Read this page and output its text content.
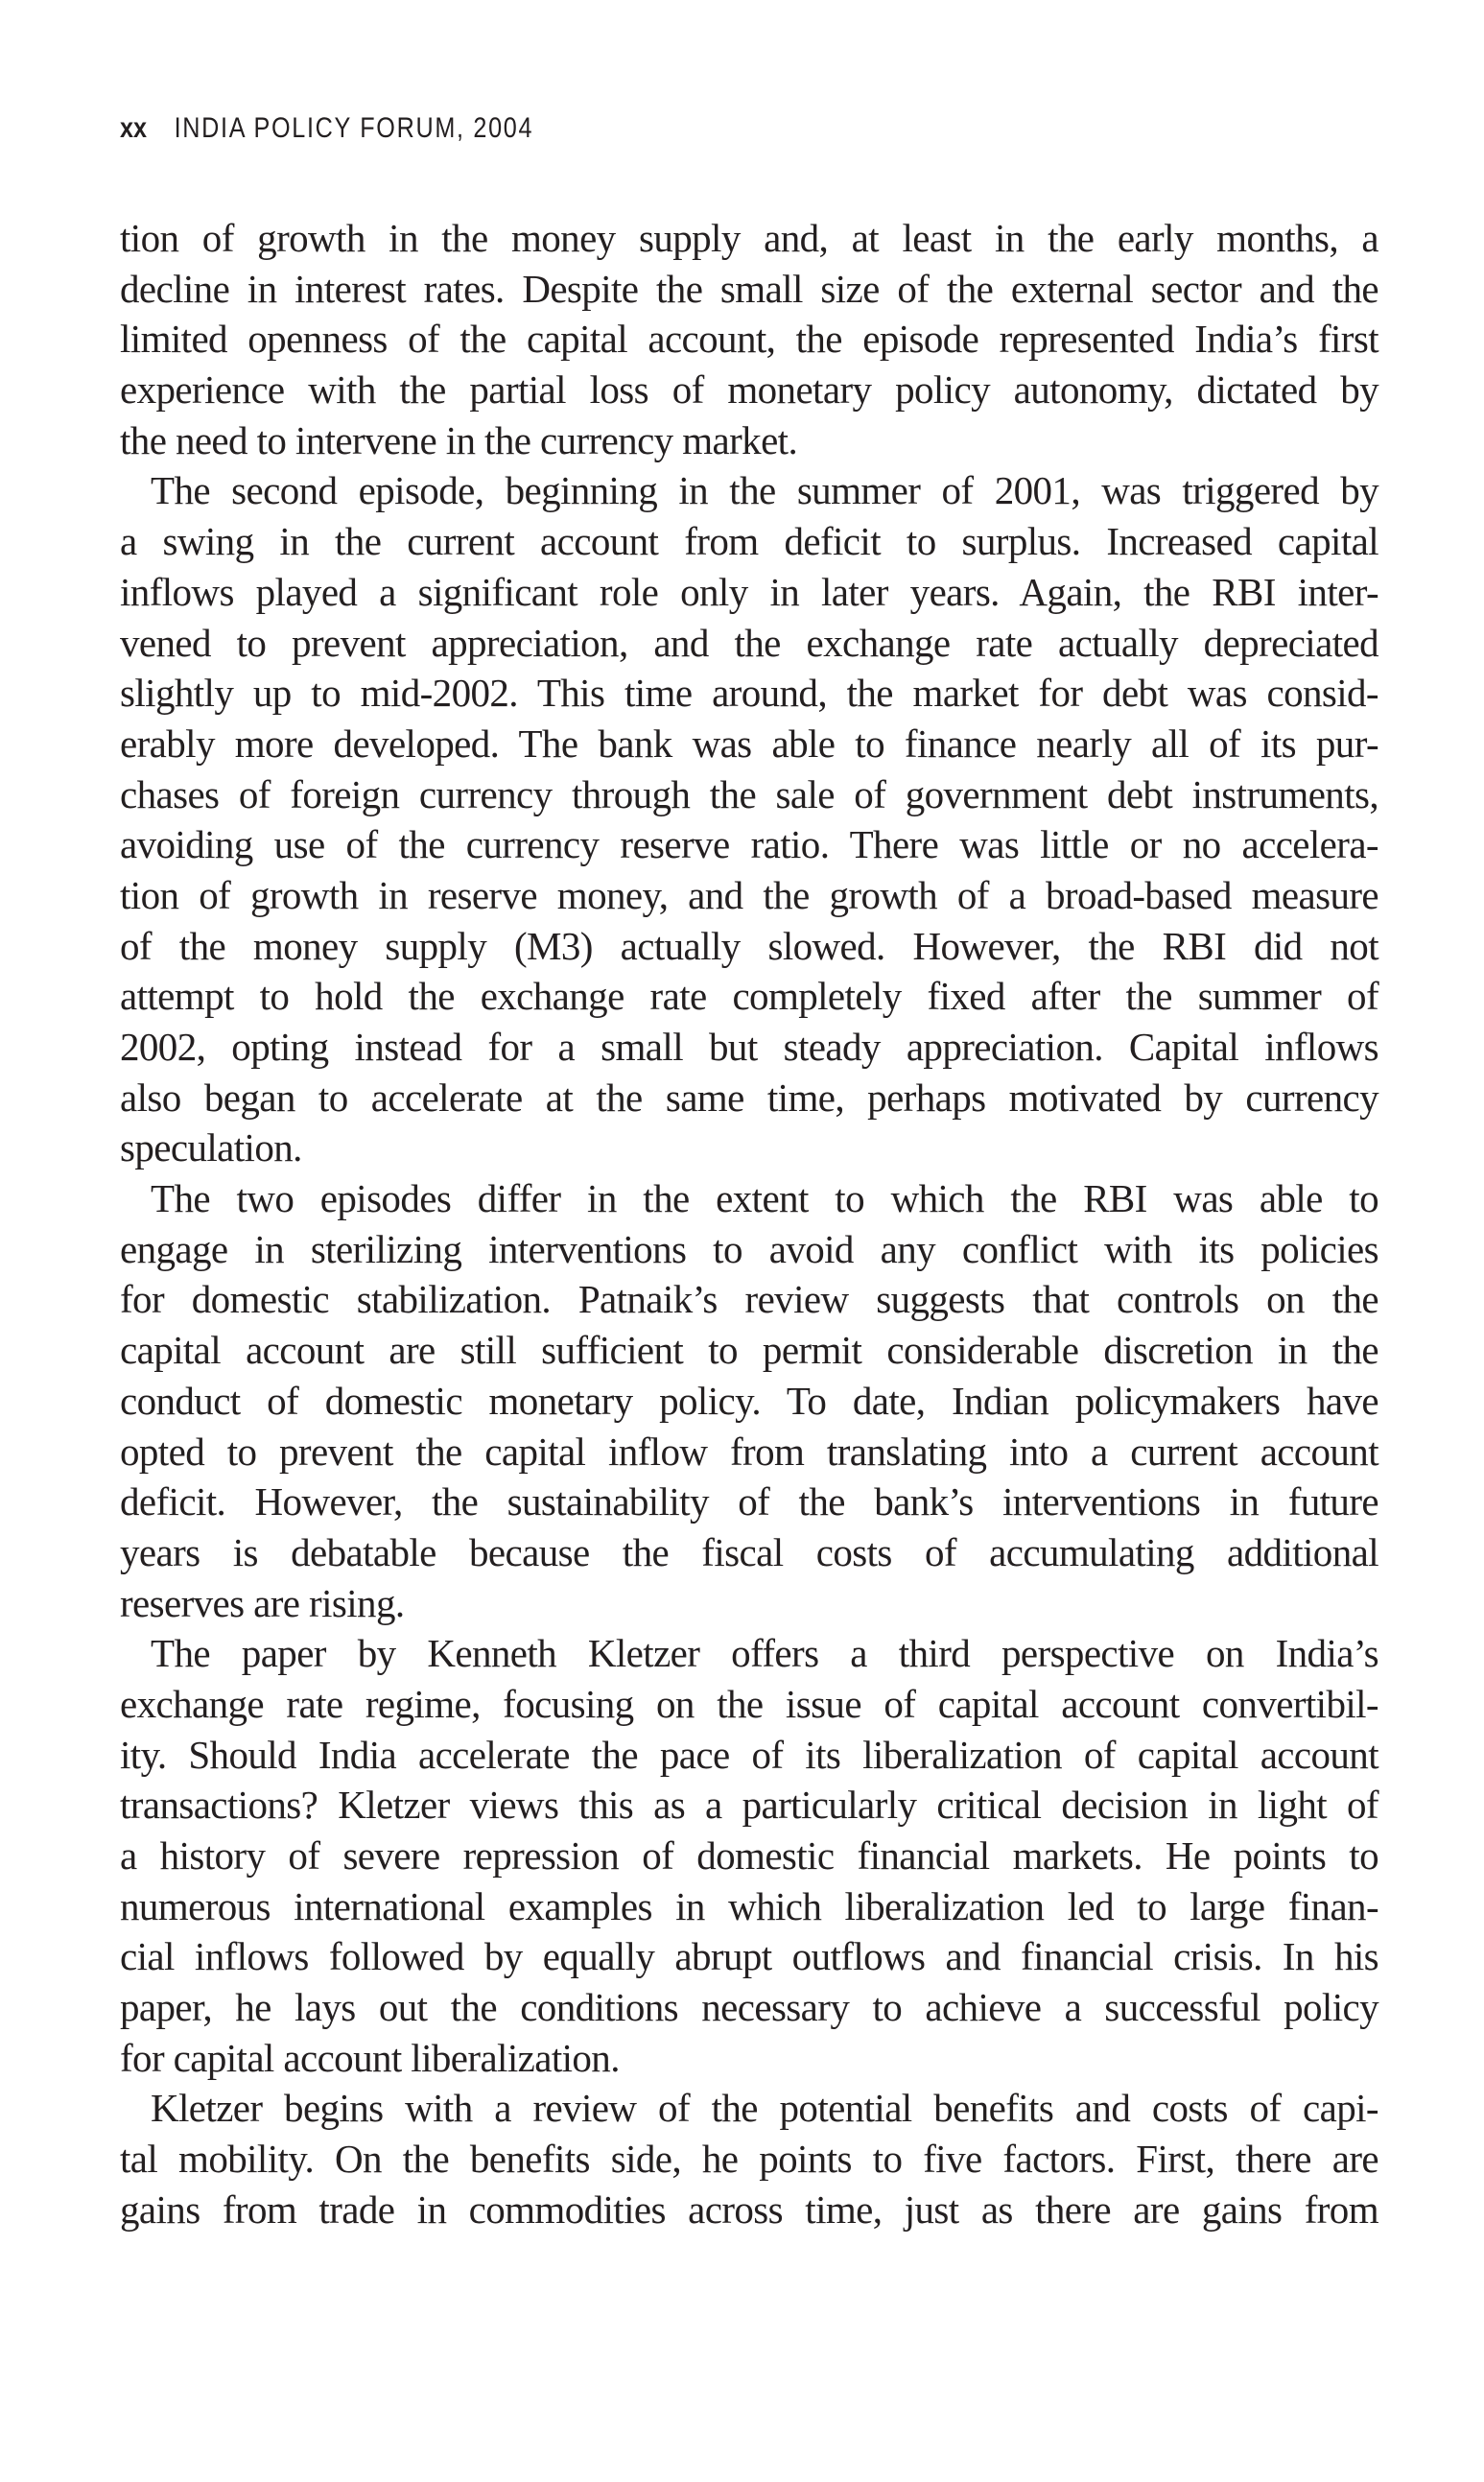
xx INDIA POLICY FORUM, 2004
tion of growth in the money supply and, at least in the early months, a
decline in interest rates. Despite the small size of the external sector and the
limited openness of the capital account, the episode represented India’s first
experience with the partial loss of monetary policy autonomy, dictated by
the need to intervene in the currency market.
The second episode, beginning in the summer of 2001, was triggered by
a swing in the current account from deficit to surplus. Increased capital
inflows played a significant role only in later years. Again, the RBI inter-
vened to prevent appreciation, and the exchange rate actually depreciated
slightly up to mid-2002. This time around, the market for debt was consid-
erably more developed. The bank was able to finance nearly all of its pur-
chases of foreign currency through the sale of government debt instruments,
avoiding use of the currency reserve ratio. There was little or no accelera-
tion of growth in reserve money, and the growth of a broad-based measure
of the money supply (M3) actually slowed. However, the RBI did not
attempt to hold the exchange rate completely fixed after the summer of
2002, opting instead for a small but steady appreciation. Capital inflows
also began to accelerate at the same time, perhaps motivated by currency
speculation.
The two episodes differ in the extent to which the RBI was able to
engage in sterilizing interventions to avoid any conflict with its policies
for domestic stabilization. Patnaik’s review suggests that controls on the
capital account are still sufficient to permit considerable discretion in the
conduct of domestic monetary policy. To date, Indian policymakers have
opted to prevent the capital inflow from translating into a current account
deficit. However, the sustainability of the bank’s interventions in future
years is debatable because the fiscal costs of accumulating additional
reserves are rising.
The paper by Kenneth Kletzer offers a third perspective on India’s
exchange rate regime, focusing on the issue of capital account convertibil-
ity. Should India accelerate the pace of its liberalization of capital account
transactions? Kletzer views this as a particularly critical decision in light of
a history of severe repression of domestic financial markets. He points to
numerous international examples in which liberalization led to large finan-
cial inflows followed by equally abrupt outflows and financial crisis. In his
paper, he lays out the conditions necessary to achieve a successful policy
for capital account liberalization.
Kletzer begins with a review of the potential benefits and costs of capi-
tal mobility. On the benefits side, he points to five factors. First, there are
gains from trade in commodities across time, just as there are gains from
